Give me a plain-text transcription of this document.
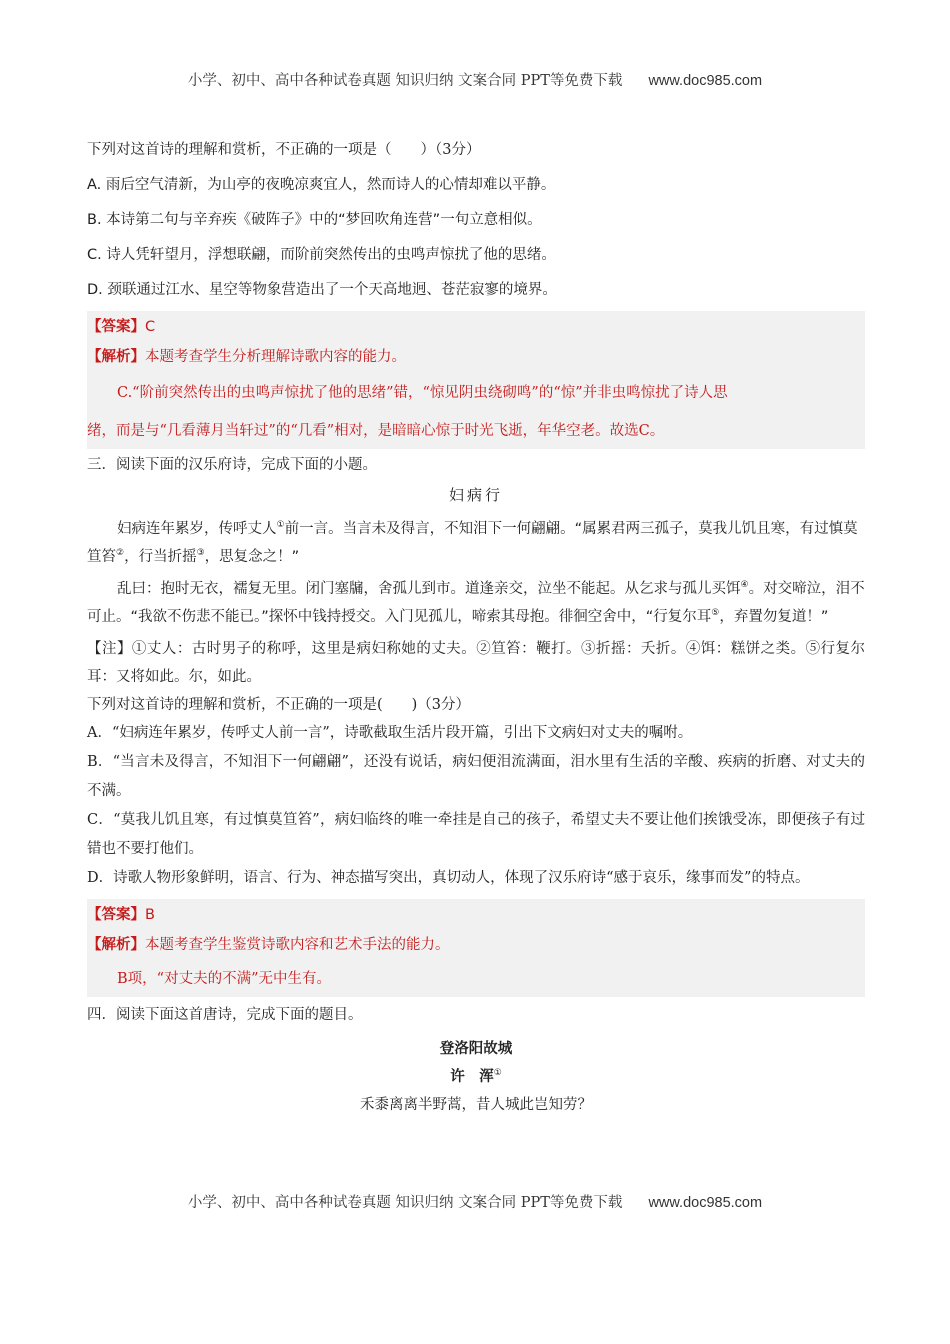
小学、初中、高中各种试卷真题 知识归纳 文案合同 PPT等免费下载 www.doc985.com
下列对这首诗的理解和赏析，不正确的一项是（　　）（3分）
A. 雨后空气清新，为山亭的夜晚凉爽宜人，然而诗人的心情却难以平静。
B. 本诗第二句与辛弃疾《破阵子》中的“梦回吹角连营”一句立意相似。
C. 诗人凭轩望月，浮想联翩，而阶前突然传出的虫鸣声惊扰了他的思绪。
D. 颈联通过江水、星空等物象营造出了一个天高地迥、苍茫寂寥的境界。
【答案】C
【解析】本题考查学生分析理解诗歌内容的能力。
C.“阶前突然传出的虫鸣声惊扰了他的思绪”错，“惊见阴虫绕砌鸣”的“惊”并非虫鸣惊扰了诗人思
绪，而是与“几看薄月当轩过”的“几看”相对，是暗暗心惊于时光飞逝，年华空老。故选C。
三．阅读下面的汉乐府诗，完成下面的小题。
妇病行

妇病连年累岁，传呼丈人①前一言。当言未及得言，不知泪下一何翩翩。“属累君两三孤子，莫我儿饥且寒，有过慎莫笪笞②，行当折摇③，思复念之！”

乱曰：抱时无衣，襦复无里。闭门塞牖，舍孤儿到市。道逢亲交，泣坐不能起。从乞求与孤儿买饵④。对交啼泣，泪不可止。“我欲不伤悲不能已。”探怀中钱持授交。入门见孤儿，啼索其母抱。徘徊空舍中，“行复尔耳⑤，弃置勿复道！”

【注】①丈人：古时男子的称呼，这里是病妇称她的丈夫。②笪笞：鞭打。③折摇：夭折。④饵：糕饼之类。⑤行复尔耳：又将如此。尔，如此。
下列对这首诗的理解和赏析，不正确的一项是(　　)（3分）
A．“妇病连年累岁，传呼丈人前一言”，诗歌截取生活片段开篇，引出下文病妇对丈夫的嘱咐。
B．“当言未及得言，不知泪下一何翩翩”，还没有说话，病妇便泪流满面，泪水里有生活的辛酸、疾病的折磨、对丈夫的不满。
C．“莫我儿饥且寒，有过慎莫笪笞”，病妇临终的唯一牵挂是自己的孩子，希望丈夫不要让他们挨饿受冻，即便孩子有过错也不要打他们。
D．诗歌人物形象鲜明，语言、行为、神态描写突出，真切动人，体现了汉乐府诗“感于哀乐，缘事而发”的特点。
【答案】B
【解析】本题考查学生鉴赏诗歌内容和艺术手法的能力。
B项，“对丈夫的不满”无中生有。
四．阅读下面这首唐诗，完成下面的题目。
登洛阳故城
许　浑①
禾黍离离半野蒿，昔人城此岂知劳？
小学、初中、高中各种试卷真题 知识归纳 文案合同 PPT等免费下载 www.doc985.com
